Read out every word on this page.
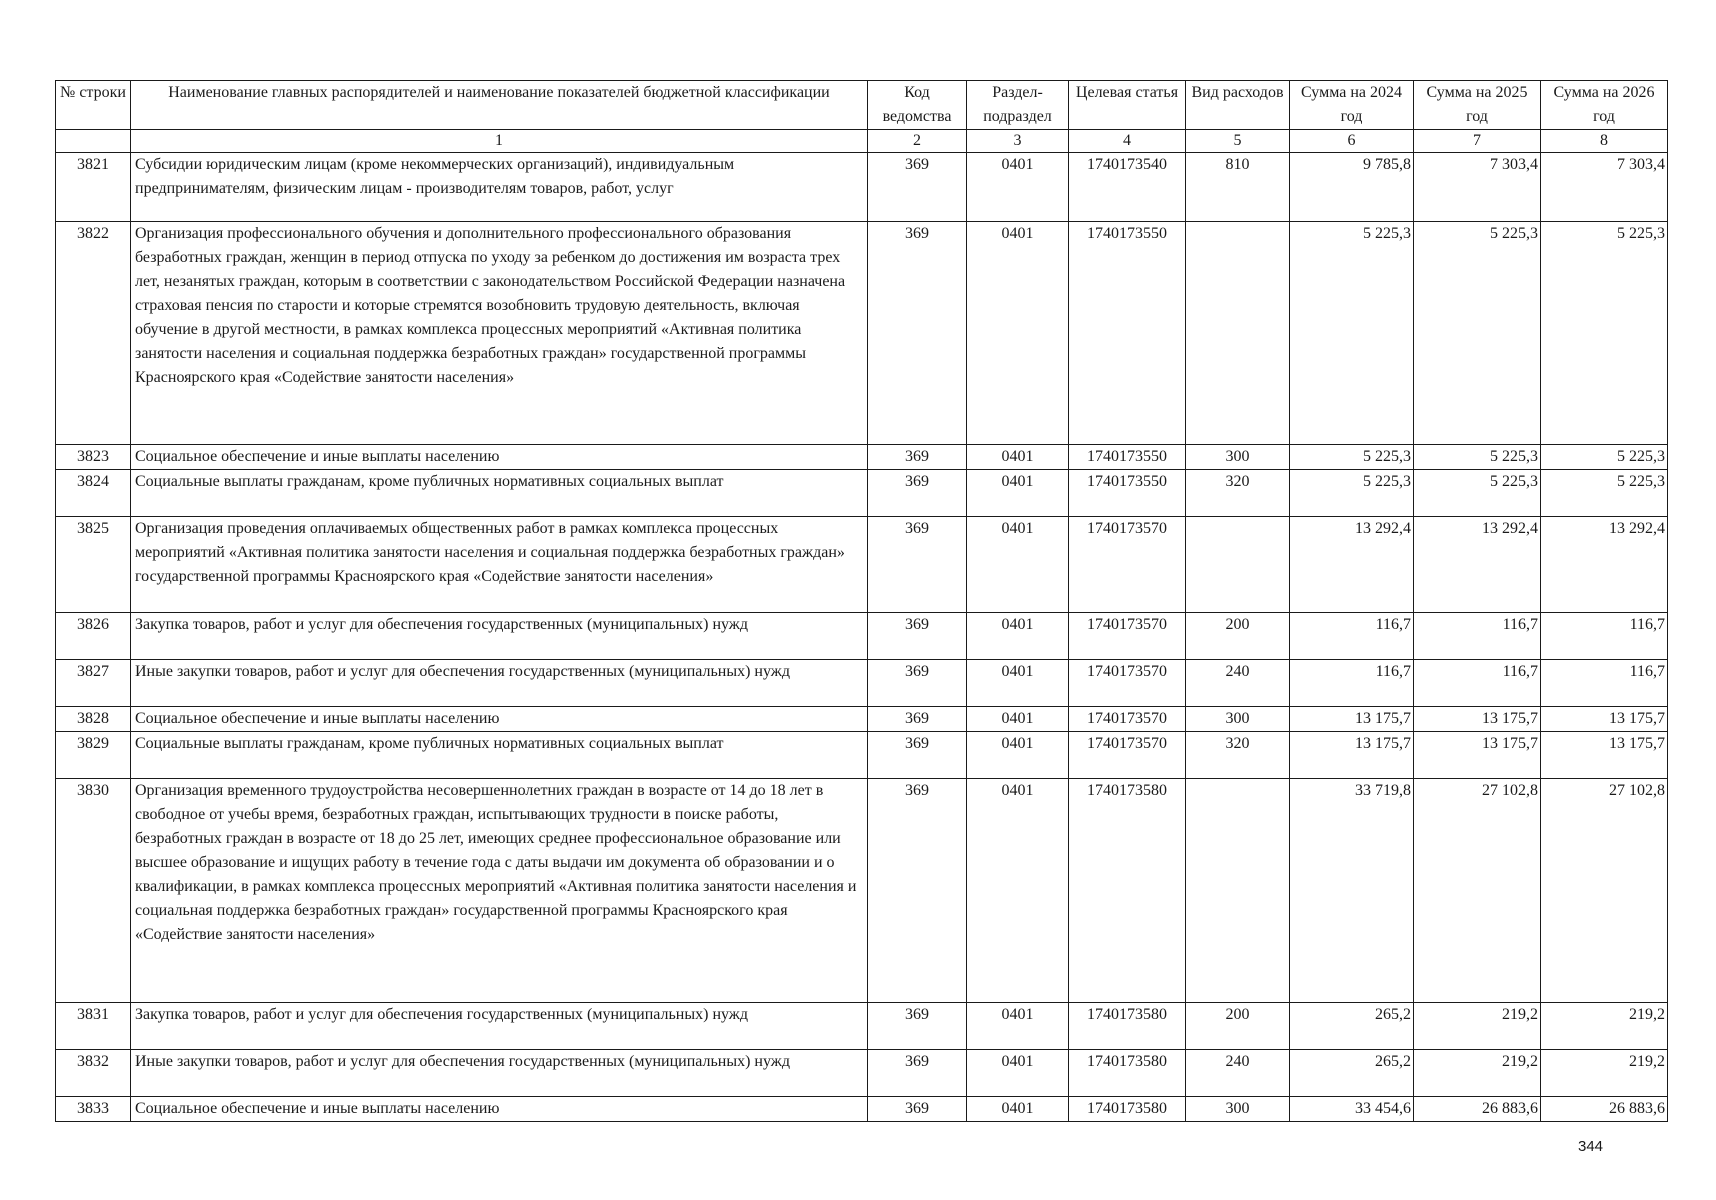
№ строки	Наименование главных распорядителей и наименование показателей бюджетной классификации	Код ведомства	Раздел-подраздел	Целевая статья	Вид расходов	Сумма на 2024 год	Сумма на 2025 год	Сумма на 2026 год
	1	2	3	4	5	6	7	8
3821	Субсидии юридическим лицам (кроме некоммерческих организаций), индивидуальным предпринимателям, физическим лицам - производителям товаров, работ, услуг	369	0401	1740173540	810	9 785,8	7 303,4	7 303,4
3822	Организация профессионального обучения и дополнительного профессионального образования безработных граждан, женщин в период отпуска по уходу за ребенком до достижения им возраста трех лет, незанятых граждан, которым в соответствии с законодательством Российской Федерации назначена страховая пенсия по старости и которые стремятся возобновить трудовую деятельность, включая обучение в другой местности, в рамках комплекса процессных мероприятий «Активная политика занятости населения и социальная поддержка безработных граждан» государственной программы Красноярского края «Содействие занятости населения»	369	0401	1740173550		5 225,3	5 225,3	5 225,3
3823	Социальное обеспечение и иные выплаты населению	369	0401	1740173550	300	5 225,3	5 225,3	5 225,3
3824	Социальные выплаты гражданам, кроме публичных нормативных социальных выплат	369	0401	1740173550	320	5 225,3	5 225,3	5 225,3
3825	Организация проведения оплачиваемых общественных работ в рамках комплекса процессных мероприятий «Активная политика занятости населения и социальная поддержка безработных граждан» государственной программы Красноярского края «Содействие занятости населения»	369	0401	1740173570		13 292,4	13 292,4	13 292,4
3826	Закупка товаров, работ и услуг для обеспечения государственных (муниципальных) нужд	369	0401	1740173570	200	116,7	116,7	116,7
3827	Иные закупки товаров, работ и услуг для обеспечения государственных (муниципальных) нужд	369	0401	1740173570	240	116,7	116,7	116,7
3828	Социальное обеспечение и иные выплаты населению	369	0401	1740173570	300	13 175,7	13 175,7	13 175,7
3829	Социальные выплаты гражданам, кроме публичных нормативных социальных выплат	369	0401	1740173570	320	13 175,7	13 175,7	13 175,7
3830	Организация временного трудоустройства несовершеннолетних граждан в возрасте от 14 до 18 лет в свободное от учебы время, безработных граждан, испытывающих трудности в поиске работы, безработных граждан в возрасте от 18 до 25 лет, имеющих среднее профессиональное образование или высшее образование и ищущих работу в течение года с даты выдачи им документа об образовании и о квалификации, в рамках комплекса процессных мероприятий «Активная политика занятости населения и социальная поддержка безработных граждан» государственной программы Красноярского края «Содействие занятости населения»	369	0401	1740173580		33 719,8	27 102,8	27 102,8
3831	Закупка товаров, работ и услуг для обеспечения государственных (муниципальных) нужд	369	0401	1740173580	200	265,2	219,2	219,2
3832	Иные закупки товаров, работ и услуг для обеспечения государственных (муниципальных) нужд	369	0401	1740173580	240	265,2	219,2	219,2
3833	Социальное обеспечение и иные выплаты населению	369	0401	1740173580	300	33 454,6	26 883,6	26 883,6
344
